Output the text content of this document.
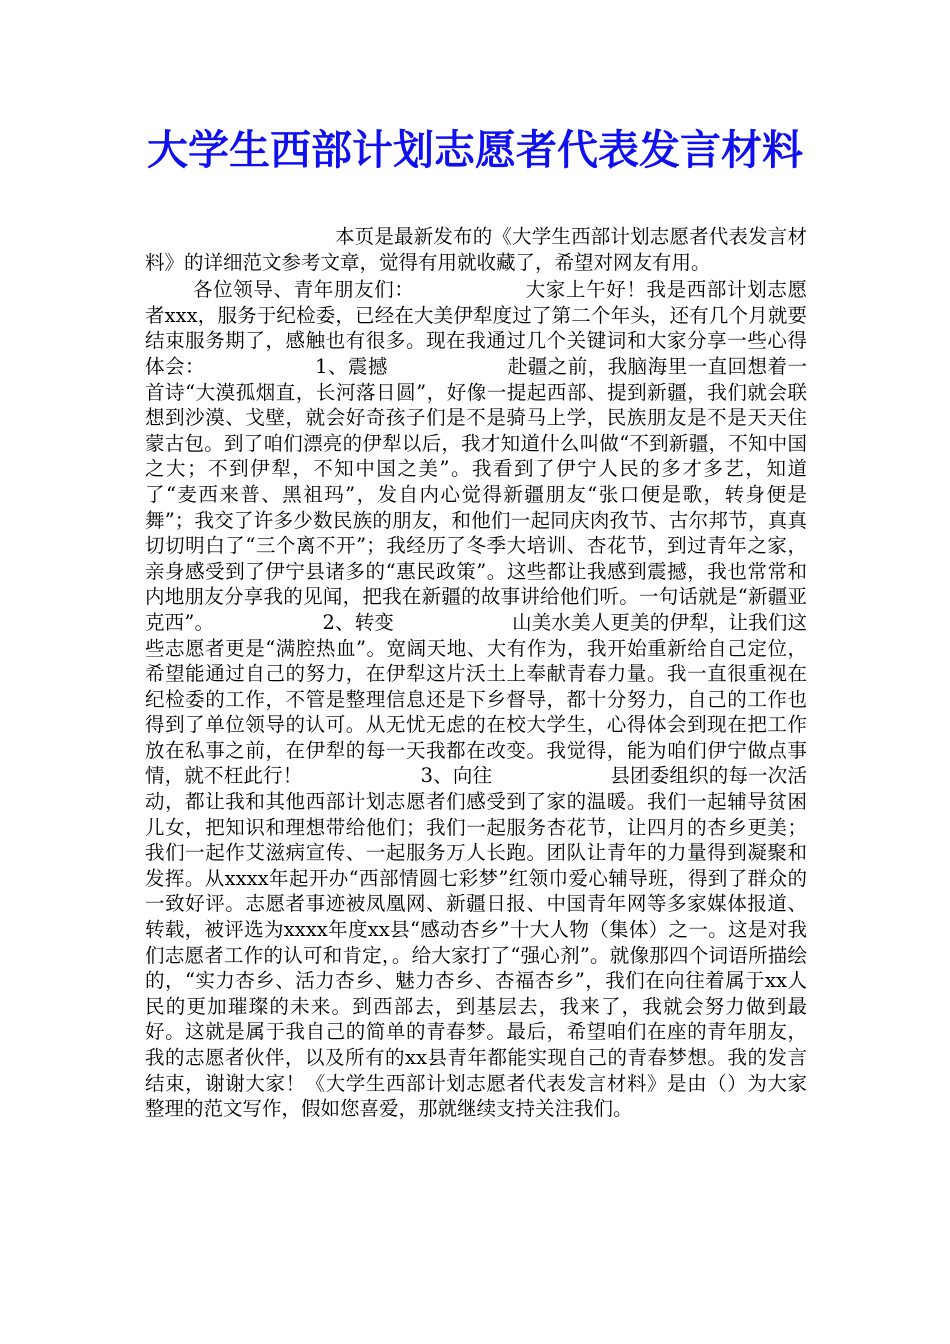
大学生西部计划志愿者代表发言材料

本页是最新发布的《大学生西部计划志愿者代表发言材料》的详细范文参考文章，觉得有用就收藏了，希望对网友有用。

各位领导、青年朋友们：　　　　　　大家上午好！我是西部计划志愿者xxx，服务于纪检委，已经在大美伊犁度过了第二个年头，还有几个月就要结束服务期了，感触也有很多。现在我通过几个关键词和大家分享一些心得体会：　　　　　　1、震撼　　　　　　赴疆之前，我脑海里一直回想着一首诗“大漠孤烟直，长河落日圆”，好像一提起西部、提到新疆，我们就会联想到沙漠、戈壁，就会好奇孩子们是不是骑马上学，民族朋友是不是天天住蒙古包。到了咱们漂亮的伊犁以后，我才知道什么叫做“不到新疆，不知中国之大；不到伊犁，不知中国之美”。我看到了伊宁人民的多才多艺，知道了“麦西来普、黑祖玛”，发自内心觉得新疆朋友“张口便是歌，转身便是舞”；我交了许多少数民族的朋友，和他们一起同庆肉孜节、古尔邦节，真真切切明白了“三个离不开”；我经历了冬季大培训、杏花节，到过青年之家，亲身感受到了伊宁县诸多的“惠民政策”。这些都让我感到震撼，我也常常和内地朋友分享我的见闻，把我在新疆的故事讲给他们听。一句话就是“新疆亚克西”。　　　　　　2、转变　　　　　　山美水美人更美的伊犁，让我们这些志愿者更是“满腔热血”。宽阔天地、大有作为，我开始重新给自己定位，希望能通过自己的努力，在伊犁这片沃土上奉献青春力量。我一直很重视在纪检委的工作，不管是整理信息还是下乡督导，都十分努力，自己的工作也得到了单位领导的认可。从无忧无虑的在校大学生，心得体会到现在把工作放在私事之前，在伊犁的每一天我都在改变。我觉得，能为咱们伊宁做点事情，就不枉此行！　　　　　　3、向往　　　　　　县团委组织的每一次活动，都让我和其他西部计划志愿者们感受到了家的温暖。我们一起辅导贫困儿女，把知识和理想带给他们；我们一起服务杏花节，让四月的杏乡更美；我们一起作艾滋病宣传、一起服务万人长跑。团队让青年的力量得到凝聚和发挥。从xxxx年起开办“西部情圆七彩梦”红领巾爱心辅导班，得到了群众的一致好评。志愿者事迹被凤凰网、新疆日报、中国青年网等多家媒体报道、转载，被评选为xxxx年度xx县“感动杏乡”十大人物（集体）之一。这是对我们志愿者工作的认可和肯定，。给大家打了“强心剂”。就像那四个词语所描绘的，“实力杏乡、活力杏乡、魅力杏乡、杏福杏乡”，我们在向往着属于xx人民的更加璀璨的未来。到西部去，到基层去，我来了，我就会努力做到最好。这就是属于我自己的简单的青春梦。最后，希望咱们在座的青年朋友，我的志愿者伙伴，以及所有的xx县青年都能实现自己的青春梦想。我的发言结束，谢谢大家！《大学生西部计划志愿者代表发言材料》是由（）为大家整理的范文写作，假如您喜爱，那就继续支持关注我们。
